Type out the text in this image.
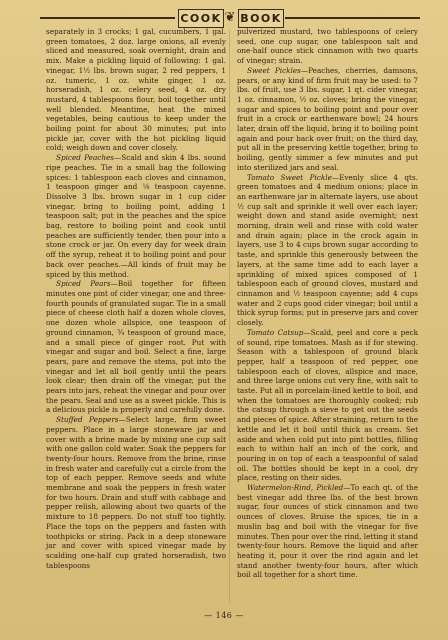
COOK ❦ BOOK

separately in 3 crocks; 1 gal, cucumbers, 1 gal. green tomatoes, 2 doz. large onions, all evenly sliced and measured, soak overnight, drain and mix. Make a pickling liquid of following: 1 gal. vinegar, 1½ lbs. brown sugar, 2 red peppers, 1 oz. tumeric, 1 oz. white ginger, 1 oz. horseradish, 1 oz. celery seed, 4 oz. dry mustard, 4 tablespoons flour, boil together until well blended. Meantime, heat the mixed vegetables, being cautious to keep under the boiling point for about 30 minutes; put into pickle jar, cover with the hot pickling liquid cold; weigh down and cover closely.

Spiced Peaches—Scald and skin 4 lbs. sound ripe peaches. Tie in a small bag the following spices: 1 tablespoon each cloves and cinnamon, 1 teaspoon ginger and ⅛ teaspoon cayenne. Dissolve 3 lbs. brown sugar in 1 cup cider vinegar, bring to boiling point, adding 1 teaspoon salt; put in the peaches and the spice bag, restore to boiling point and cook until peaches are sufficiently tender, then pour into a stone crock or jar. On every day for week drain off the syrup, reheat it to boiling point and pour back over peaches.—All kinds of fruit may be spiced by this method.

Spiced Pears—Boil together for fifteen minutes one pint of cider vinegar, one and three-fourth pounds of granulated sugar. Tie in a small piece of cheese cloth half a dozen whole cloves, one dozen whole allspice, one teaspoon of ground cinnamon, ¾ teaspoon of ground mace, and a small piece of ginger root. Put with vinegar and sugar and boil. Select a fine, large pears, pare and remove the stems, put into the vinegar and let all boil gently until the pears look clear; then drain off the vinegar, put the pears into jars, reheat the vinegar and pour over the pears. Seal and use as a sweet pickle. This is a delicious pickle is properly and carefully done.

Stuffed Peppers—Select large, firm sweet peppers. Place in a large stoneware jar and cover with a brine made by mixing one cup salt with one gallon cold water. Soak the peppers for twenty-four hours. Remove from the brine, rinse in fresh water and carefully cut a circle from the top of each pepper. Remove seeds and white membrane and soak the peppers in fresh water for two hours. Drain and stuff with cabbage and pepper relish, allowing about two quarts of the mixture to 18 peppers. Do not stuff too tightly. Place the tops on the peppers and fasten with toothpicks or string. Pack in a deep stoneware jar and cover with spiced vinegar made by scalding one-half cup grated horseradish, two tablespoons

pulverized mustard, two tablespoons of celery seed, one cup sugar, one tablespoon salt and one-half ounce stick cinnamon with two quarts of vinegar; strain.

Sweet Pickles—Peaches, cherries, damsons, pears, or any kind of firm fruit may be used: to 7 lbs. of fruit, use 3 lbs. sugar, 1 qt. cider vinegar, 1 oz. cinnamon, ½ oz. cloves; bring the vinegar, sugar and spices to boiling point and pour over fruit in a crock or earthenware bowl; 24 hours later, drain off the liquid, bring it to boiling point again and pour back over fruit; on the third day, put all in the preserving kettle together, bring to boiling, gently simmer a few minutes and put into sterilized jars and seal.

Tomato Sweet Pickle—Evenly slice 4 qts. green tomatoes and 4 medium onions; place in an earthenware jar in alternate layers, use about ½ cup salt and sprinkle it well over each layer; weight down and stand aside overnight; next morning, drain well and rinse with cold water and drain again; place in the crock again in layers, use 3 to 4 cups brown sugar according to taste, and sprinkle this generously between the layers, at the same time add to each layer a sprinkling of mixed spices composed of 1 tablespoon each of ground cloves, mustard and cinnamon and ½ teaspoon cayenne; add 4 cups water and 2 cups good cider vinegar; boil until a thick syrup forms; put in preserve jars and cover closely.

Tomato Catsup—Scald, peel and core a peck of sound, ripe tomatoes. Mash as if for stewing. Season with a tablespoon of ground black pepper, half a teaspoon of red pepper, one tablespoon each of cloves, allspice and mace, and three large onions cut very fine, with salt to taste. Put all in porcelain-lined kettle to boil, and when the tomatoes are thoroughly cooked; rub the catsup through a sieve to get out the seeds and pieces of spice. After straining, return to the kettle and let it boil until thick as cream. Set aside and when cold put into pint bottles, filling each to within half an inch of the cork, and pouring in on top of each a teaspoonful of salad oil. The bottles should be kept in a cool, dry place, resting on their sides.

Watermelon-Rind, Pickled—To each qt. of the best vinegar add three lbs. of the best brown sugar, four ounces of stick cinnamon and two ounces of cloves. Bruise the spices, tie in a muslin bag and boil with the vinegar for five minutes. Then pour over the rind, letting it stand twenty-four hours. Remove the liquid and after heating it, pour it over the rind again and let stand another twenty-four hours, after which boil all together for a short time.

— 146 —
